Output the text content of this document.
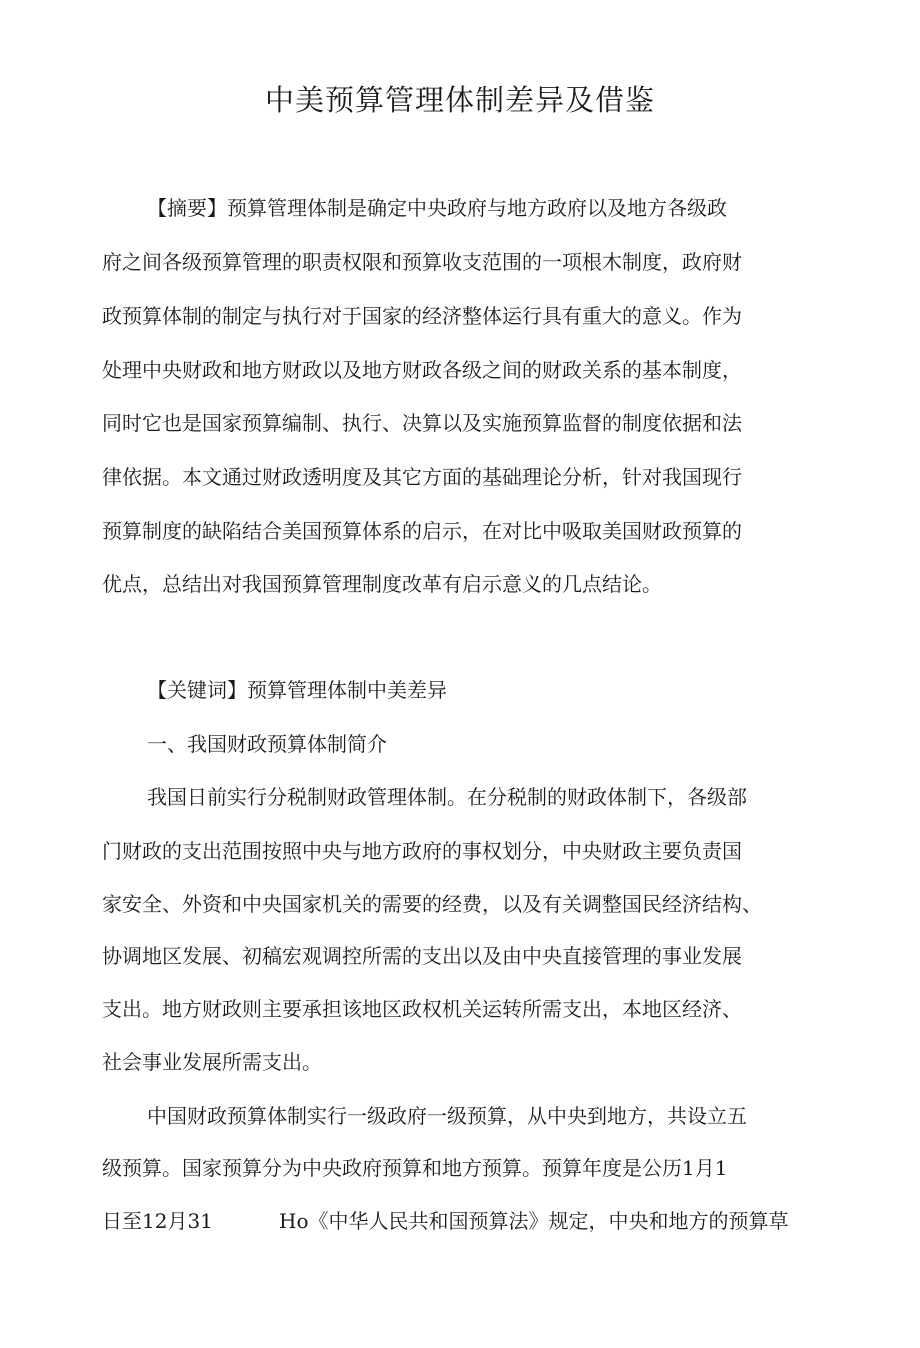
中美预算管理体制差异及借鉴
【摘要】预算管理体制是确定中央政府与地方政府以及地方各级政
府之间各级预算管理的职责权限和预算收支范围的一项根木制度，政府财
政预算体制的制定与执行对于国家的经济整体运行具有重大的意义。作为
处理中央财政和地方财政以及地方财政各级之间的财政关系的基本制度，
同时它也是国家预算编制、执行、决算以及实施预算监督的制度依据和法
律依据。本文通过财政透明度及其它方面的基础理论分析，针对我国现行
预算制度的缺陷结合美国预算体系的启示，在对比中吸取美国财政预算的
优点，总结出对我国预算管理制度改革有启示意义的几点结论。
【关键词】预算管理体制中美差异
一、我国财政预算体制简介
我国日前实行分税制财政管理体制。在分税制的财政体制下，各级部
门财政的支出范围按照中央与地方政府的事权划分，中央财政主要负责国
家安全、外资和中央国家机关的需要的经费，以及有关调整国民经济结构、
协调地区发展、初稿宏观调控所需的支出以及由中央直接管理的事业发展
支出。地方财政则主要承担该地区政权机关运转所需支出，本地区经济、
社会事业发展所需支出。
中国财政预算体制实行一级政府一级预算，从中央到地方，共设立五
级预算。国家预算分为中央政府预算和地方预算。预算年度是公历1月1
日至12月31	Ho《中华人民共和国预算法》规定，中央和地方的预算草
